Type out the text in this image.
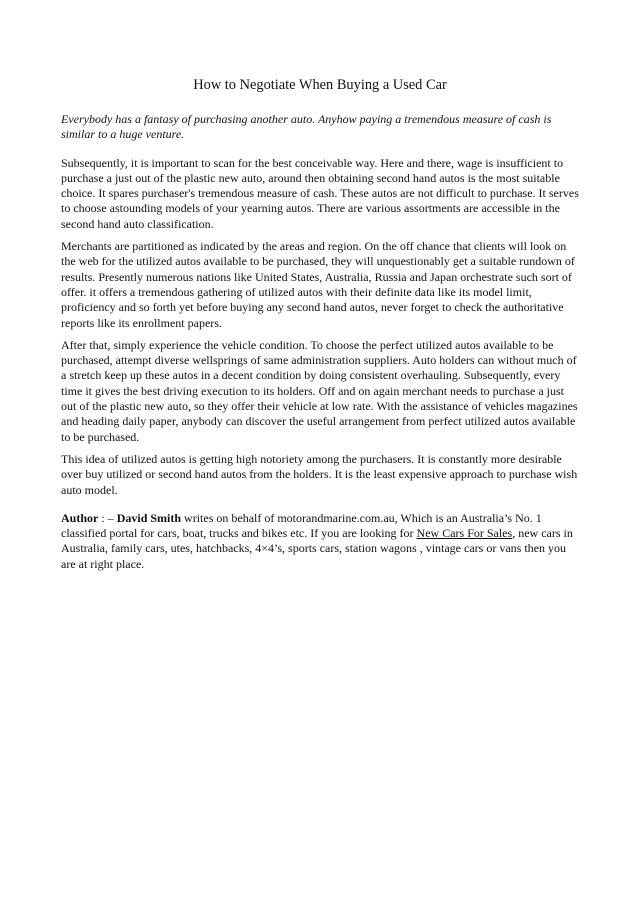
How to Negotiate When Buying a Used Car

Everybody has a fantasy of purchasing another auto. Anyhow paying a tremendous measure of cash is similar to a huge venture.

Subsequently, it is important to scan for the best conceivable way. Here and there, wage is insufficient to purchase a just out of the plastic new auto, around then obtaining second hand autos is the most suitable choice. It spares purchaser's tremendous measure of cash. These autos are not difficult to purchase. It serves to choose astounding models of your yearning autos. There are various assortments are accessible in the second hand auto classification.

Merchants are partitioned as indicated by the areas and region. On the off chance that clients will look on the web for the utilized autos available to be purchased, they will unquestionably get a suitable rundown of results. Presently numerous nations like United States, Australia, Russia and Japan orchestrate such sort of offer. it offers a tremendous gathering of utilized autos with their definite data like its model limit, proficiency and so forth yet before buying any second hand autos, never forget to check the authoritative reports like its enrollment papers.

After that, simply experience the vehicle condition. To choose the perfect utilized autos available to be purchased, attempt diverse wellsprings of same administration suppliers. Auto holders can without much of a stretch keep up these autos in a decent condition by doing consistent overhauling. Subsequently, every time it gives the best driving execution to its holders. Off and on again merchant needs to purchase a just out of the plastic new auto, so they offer their vehicle at low rate. With the assistance of vehicles magazines and heading daily paper, anybody can discover the useful arrangement from perfect utilized autos available to be purchased.

This idea of utilized autos is getting high notoriety among the purchasers. It is constantly more desirable over buy utilized or second hand autos from the holders. It is the least expensive approach to purchase wish auto model.

Author : – David Smith writes on behalf of motorandmarine.com.au, Which is an Australia’s No. 1 classified portal for cars, boat, trucks and bikes etc. If you are looking for New Cars For Sales, new cars in Australia, family cars, utes, hatchbacks, 4×4’s, sports cars, station wagons , vintage cars or vans then you are at right place.
